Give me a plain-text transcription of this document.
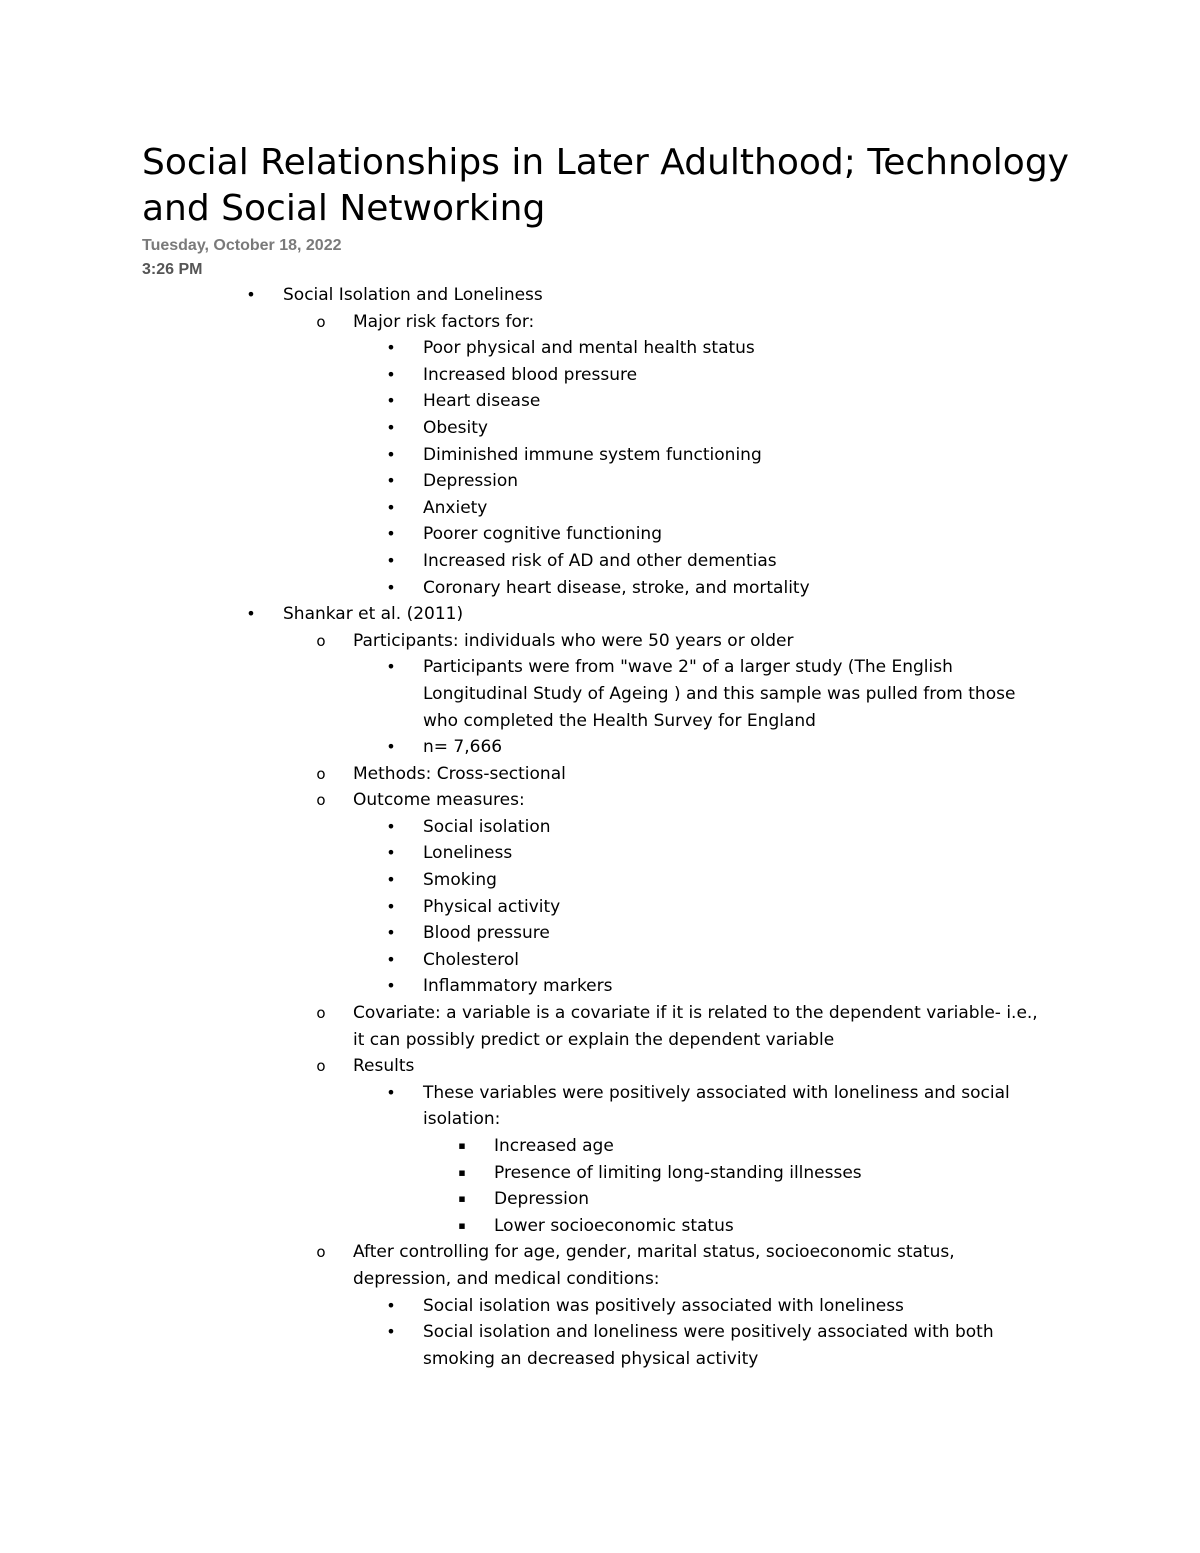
Social Relationships in Later Adulthood; Technology and Social Networking
Tuesday, October 18, 2022
3:26 PM
• Social Isolation and Loneliness
o Major risk factors for:
• Poor physical and mental health status
• Increased blood pressure
• Heart disease
• Obesity
• Diminished immune system functioning
• Depression
• Anxiety
• Poorer cognitive functioning
• Increased risk of AD and other dementias
• Coronary heart disease, stroke, and mortality
• Shankar et al. (2011)
o Participants: individuals who were 50 years or older
• Participants were from "wave 2" of a larger study (The English Longitudinal Study of Ageing ) and this sample was pulled from those who completed the Health Survey for England
• n= 7,666
o Methods: Cross-sectional
o Outcome measures:
• Social isolation
• Loneliness
• Smoking
• Physical activity
• Blood pressure
• Cholesterol
• Inflammatory markers
o Covariate: a variable is a covariate if it is related to the dependent variable- i.e., it can possibly predict or explain the dependent variable
o Results
• These variables were positively associated with loneliness and social isolation:
▪ Increased age
▪ Presence of limiting long-standing illnesses
▪ Depression
▪ Lower socioeconomic status
o After controlling for age, gender, marital status, socioeconomic status, depression, and medical conditions:
• Social isolation was positively associated with loneliness
• Social isolation and loneliness were positively associated with both smoking an decreased physical activity
